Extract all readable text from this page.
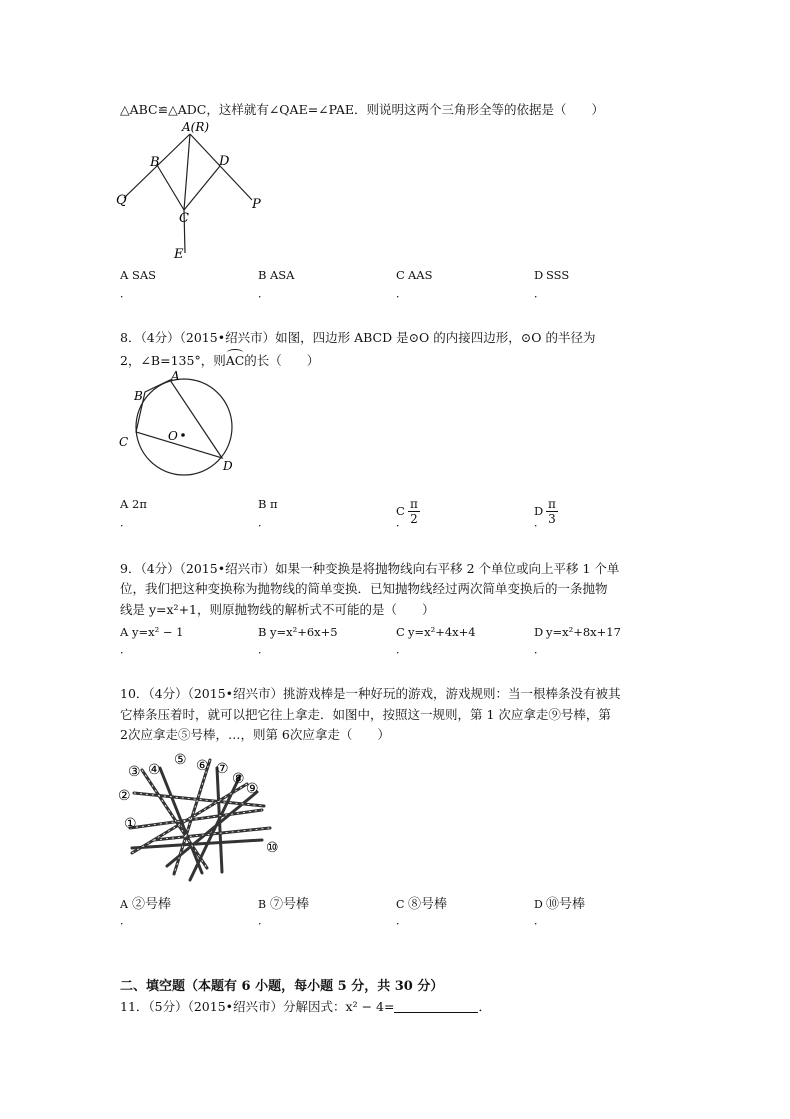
△ABC≌△ADC，这样就有∠QAE=∠PAE．则说明这两个三角形全等的依据是（　　）
A(R)
B	D
Q	P
C
E
A SAS	B ASA	C AAS	D SSS
．	．	．	．
8．（4分）（2015•绍兴市）如图，四边形 ABCD 是⊙O 的内接四边形，⊙O 的半径为
2，∠B=135°，则AC的长（　　）
A
B
C
D
O
A 2π	B π	C $\frac{\pi}{2}$	D $\frac{\pi}{3}$
．	．	．	．
9．（4分）（2015•绍兴市）如果一种变换是将抛物线向右平移 2 个单位或向上平移 1 个单
位，我们把这种变换称为抛物线的简单变换．已知抛物线经过两次简单变换后的一条抛物
线是 y=x²+1，则原抛物线的解析式不可能的是（　　）
A y=x² − 1	B y=x²+6x+5	C y=x²+4x+4	D y=x²+8x+17
．	．	．	．
10．（4分）（2015•绍兴市）挑游戏棒是一种好玩的游戏，游戏规则：当一根棒条没有被其
它棒条压着时，就可以把它往上拿走．如图中，按照这一规则，第 1 次应拿走⑨号棒，第
2次应拿走⑤号棒，…，则第 6次应拿走（　　）
①
②
③ ④
⑤ ⑥ ⑦
⑧
⑨
⑩
A ②号棒	B ⑦号棒	C ⑧号棒	D ⑩号棒
．	．	．	．
二、填空题（本题有 6 小题，每小题 5 分，共 30 分）
11．（5分）（2015•绍兴市）分解因式：x² − 4=	．
